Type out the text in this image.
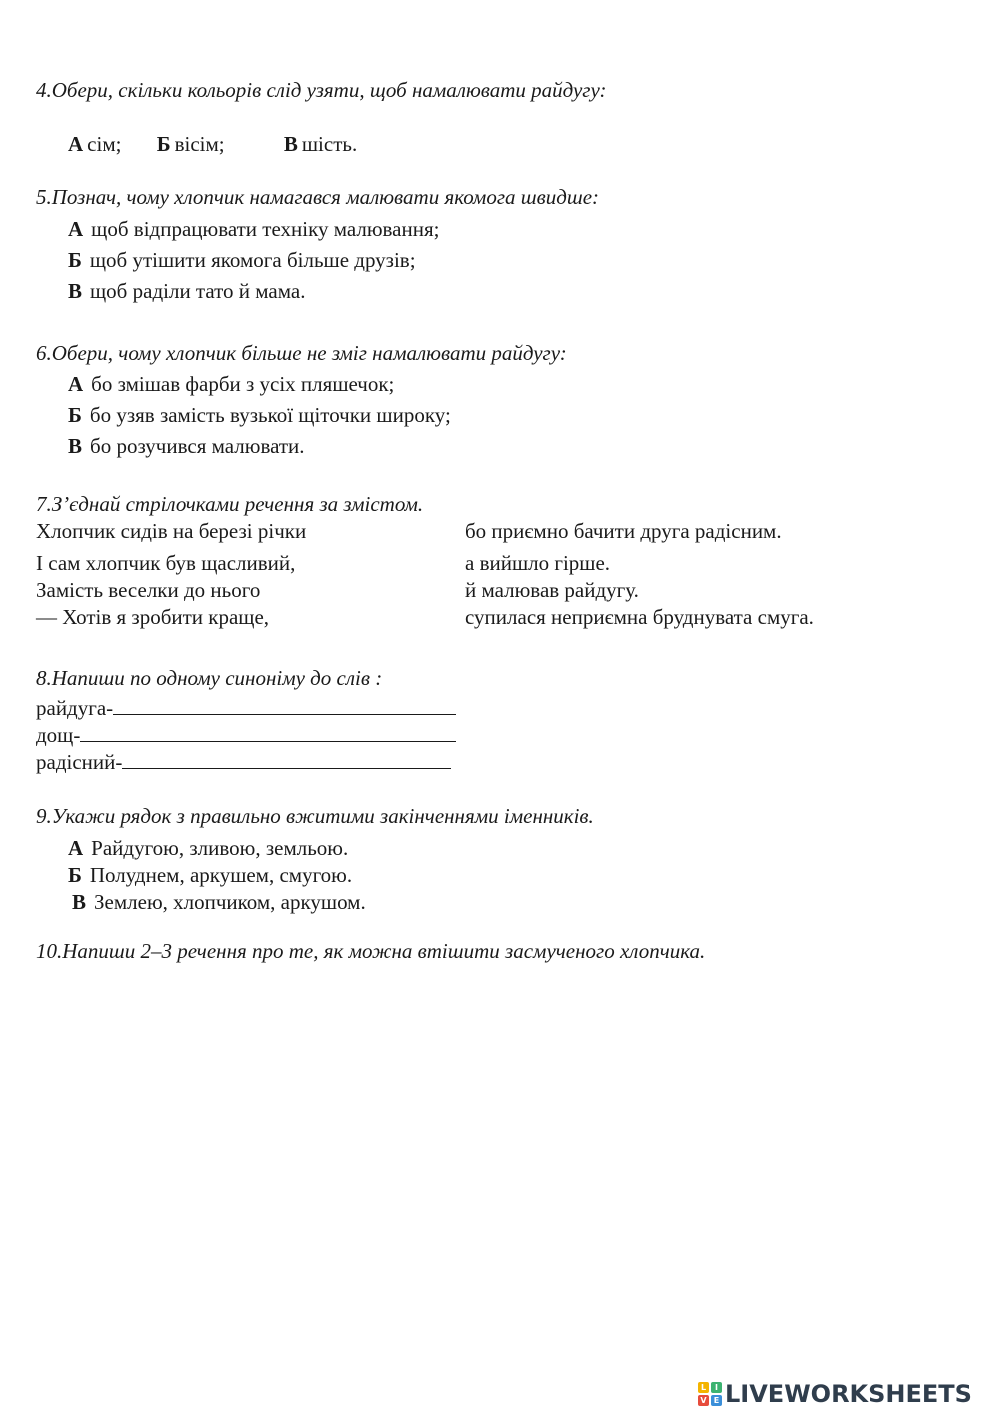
4.Обери, скільки кольорів слід узяти, щоб намалювати райдугу:
А сім; Б вісім;	В шість.
5.Познач, чому хлопчик намагався малювати якомога швидше:
А щоб відпрацювати техніку малювання;
Б щоб утішити якомога більше друзів;
В щоб раділи тато й мама.
6.Обери, чому хлопчик більше не зміг намалювати райдугу:
А бо змішав фарби з усіх пляшечок;
Б бо узяв замість вузької щіточки широку;
В бо розучився малювати.
7.З’єднай стрілочками речення за змістом.
Хлопчик сидів на березі річки
І сам хлопчик був щасливий,
Замість веселки до нього
— Хотів я зробити краще,
бо приємно бачити друга радісним.
а вийшло гірше.
й малював райдугу.
супилася неприємна бруднувата смуга.
8.Напиши по одному синоніму до слів :
райдуга-
дощ-
радісний-
9.Укажи рядок з правильно вжитими закінченнями іменників.
А Райдугою, зливою, земльою.
Б Полуднем, аркушем, смугою.
В Землею, хлопчиком, аркушом.
10.Напиши 2–3 речення про те, як можна втішити засмученого хлопчика.
L	I
V E LIVEWORKSHEETS
